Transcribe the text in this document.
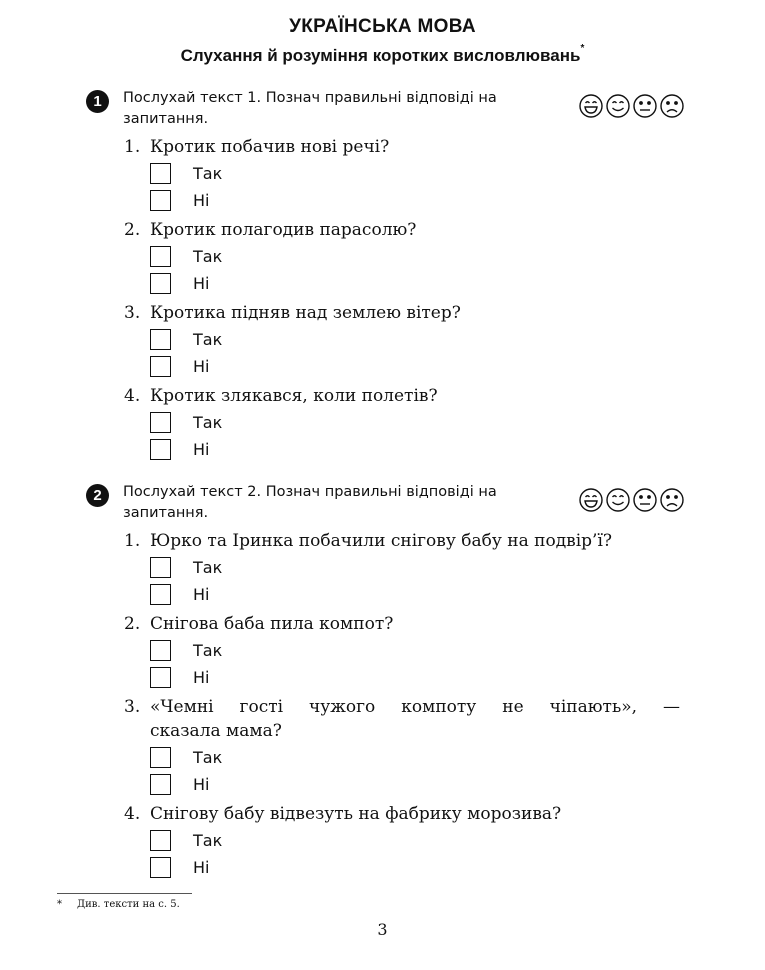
УКРАЇНСЬКА МОВА
Слухання й розуміння коротких висловлювань*
1	Послухай текст 1. Познач правильні відповіді на
запитання.
1. Кротик побачив нові речі?
Так
Ні
2. Кротик полагодив парасолю?
Так
Ні
3. Кротика підняв над землею вітер?
Так
Ні
4. Кротик злякався, коли полетів?
Так
Ні
2	Послухай текст 2. Познач правильні відповіді на
запитання.
1. Юрко та Іринка побачили снігову бабу на подвір’ї?
Так
Ні
2. Снігова баба пила компот?
Так
Ні
3. «Чемні гості чужого компоту не чіпають», —
сказала мама?
Так
Ні
4. Снігову бабу відвезуть на фабрику морозива?
Так
Ні
* Див. тексти на с. 5.
3
